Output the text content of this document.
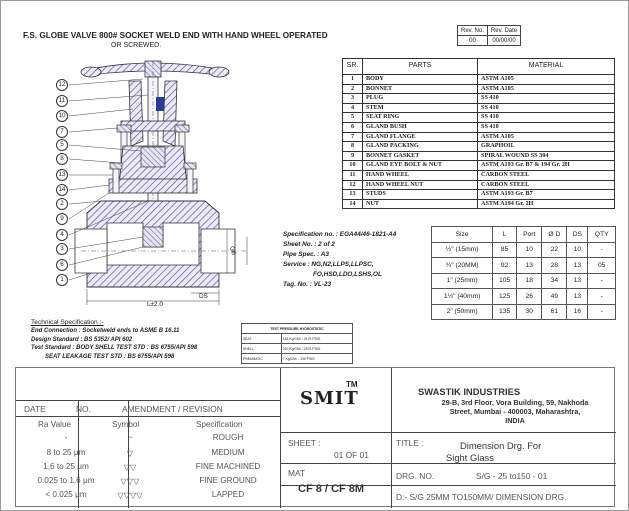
F.S. GLOBE VALVE 800# SOCKET WELD END WITH HAND WHEEL OPERATED
OR SCREWED.
Rev. No.	Rev. Date
00	00/00/00
12
11
10
7
5
8
13
14
2
9
4
3
6
1
L±2.0
DS
φD
SR.	PARTS	MATERIAL
1	BODY	ASTM A105
2	BONNET	ASTM A105
3	PLUG	SS 410
4	STEM	SS 410
5	SEAT RING	SS 410
6	GLAND BUSH	SS 410
7	GLAND FLANGE	ASTM A105
8	GLAND PACKING	GRAPHOIL
9	BONNET GASKET	SPIRAL WOUND SS 304
10	GLAND EYE BOLT & NUT	ASTM A193 Gr. B7 & 194 Gr. 2H
11	HAND WHEEL	CARBON STEEL
12	HAND WHEEL NUT	CARBON STEEL
13	STUDS	ASTM A193 Gr. B7
14	NUT	ASTM A194 Gr. 2H
Specification no. : EGA44/46-1821-A4
Sheet No. : 2 of 2
Pipe Spec. : A3
Service : NG,N2,LLPS,LLPSC,
FO,HSD,LDO,LSHS,OL
Tag. No. : VL-23
Size	L	Port	Ø D	DS	QTY
½" (15mm)	85	10	22	10	-
¾" (20MM)	92	13	28	13	05
1" (25mm)	105	18	34	13	-
1½" (40mm)	125	26	49	13	-
2" (50mm)	135	30	61	16	-
Technical Specification :-
End Connection : Socketweld ends to ASME B 16.11
Design Standard : BS 5352/ API 602
Test Standard : BODY SHELL TEST STD : BS 6755/API 598
SEAT LEAKAGE TEST STD : BS 6755/API 598
TEST PRESSURE-HYDROSTATIC	
SEAT	153 Kg/CM² - 2175 PSIG
SHELL	210 Kg/CM² - 2975 PSIG
PNEUMATIC	7 Kg/CM² - 100 PSIG
DATE	NO.	AMENDMENT / REVISION
Ra Value	Symbol	Specification
-	~	ROUGH
8 to 25 μm	▽	MEDIUM
1.6 to 25 μm	▽▽	FINE MACHINED
0.025 to 1.6 μm	▽▽▽	FINE GROUND
< 0.025 μm	▽▽▽▽	LAPPED
SMIT
TM
SWASTIK INDUSTRIES
29-B, 3rd Floor, Vora Building, 59, Nakhoda
Street, Mumbai - 400003, Maharashtra,
INDIA
SHEET :
01 OF 01
TITLE :	Dimension Drg. For
Sight Glass
MAT
CF 8 / CF 8M
DRG. NO.	S/G - 25 to150 - 01
D:- S/G 25MM TO150MM/ DIMENSION DRG.
